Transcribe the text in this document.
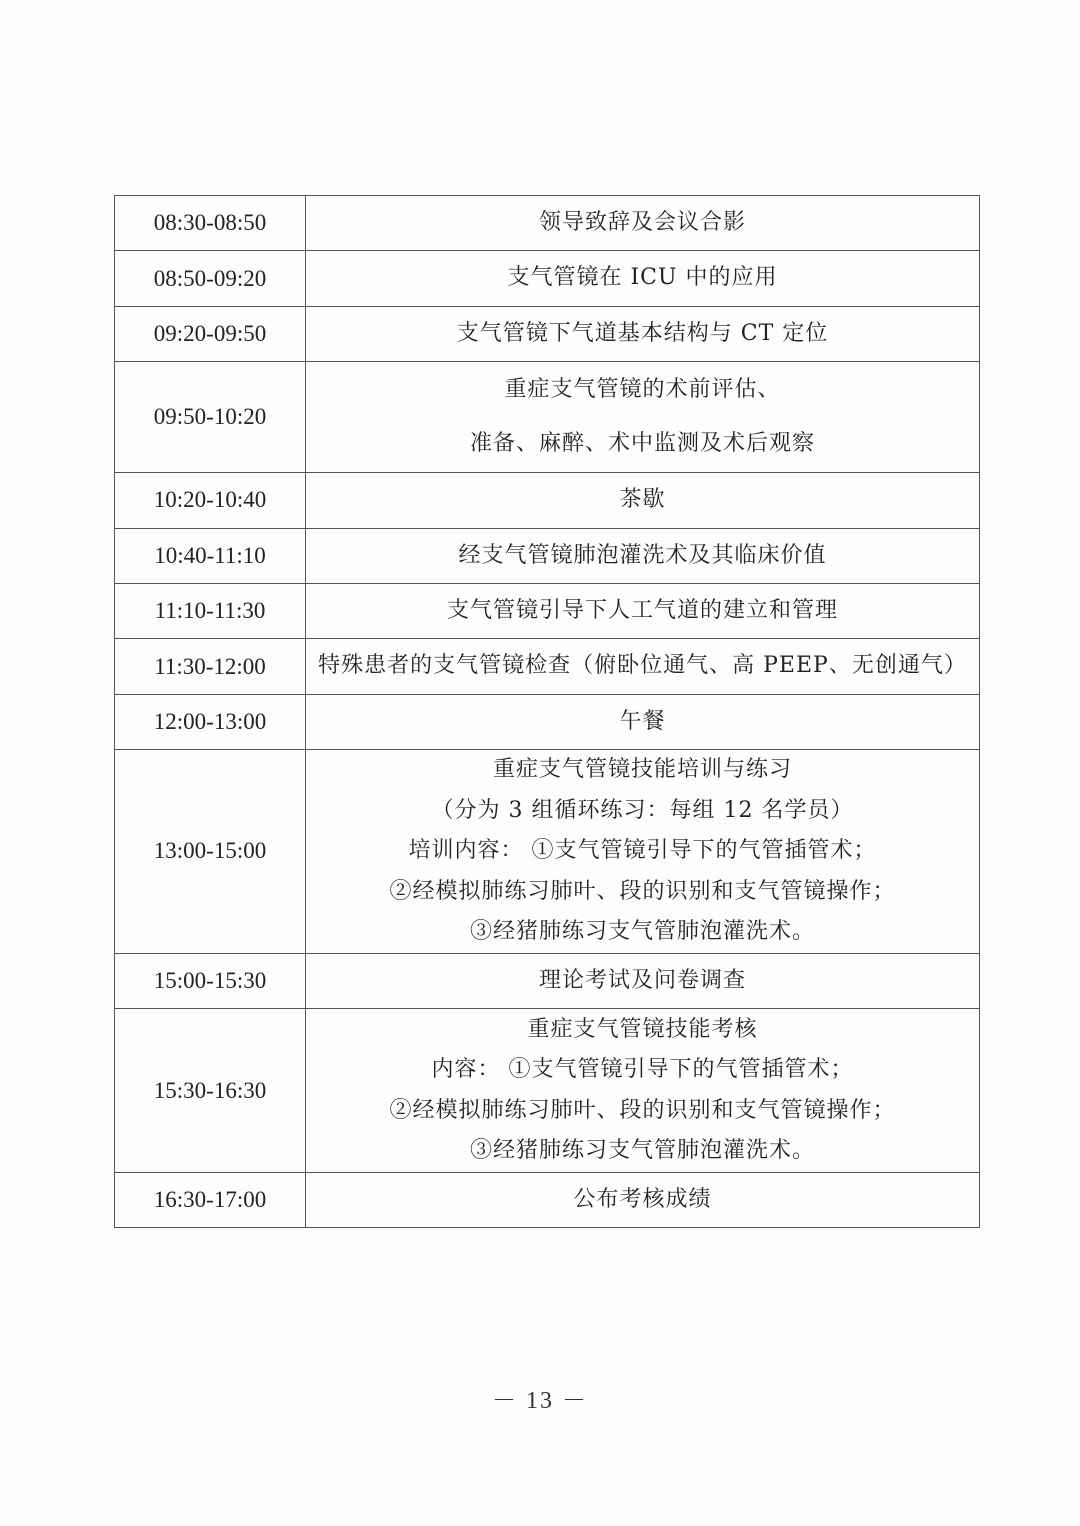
08:30-08:50	领导致辞及会议合影

08:50-09:20	支气管镜在 ICU 中的应用

09:20-09:50	支气管镜下气道基本结构与 CT 定位

09:50-10:20	重症支气管镜的术前评估、
准备、麻醉、术中监测及术后观察

10:20-10:40	茶歇

10:40-11:10	经支气管镜肺泡灌洗术及其临床价值

11:10-11:30	支气管镜引导下人工气道的建立和管理

11:30-12:00	特殊患者的支气管镜检查（俯卧位通气、高 PEEP、无创通气）

12:00-13:00	午餐

13:00-15:00	重症支气管镜技能培训与练习
（分为 3 组循环练习：每组 12 名学员）
培训内容： ①支气管镜引导下的气管插管术；
②经模拟肺练习肺叶、段的识别和支气管镜操作；
③经猪肺练习支气管肺泡灌洗术。

15:00-15:30	理论考试及问卷调查

15:30-16:30	重症支气管镜技能考核
内容： ①支气管镜引导下的气管插管术；
②经模拟肺练习肺叶、段的识别和支气管镜操作；
③经猪肺练习支气管肺泡灌洗术。

16:30-17:00	公布考核成绩
－ 13 －
